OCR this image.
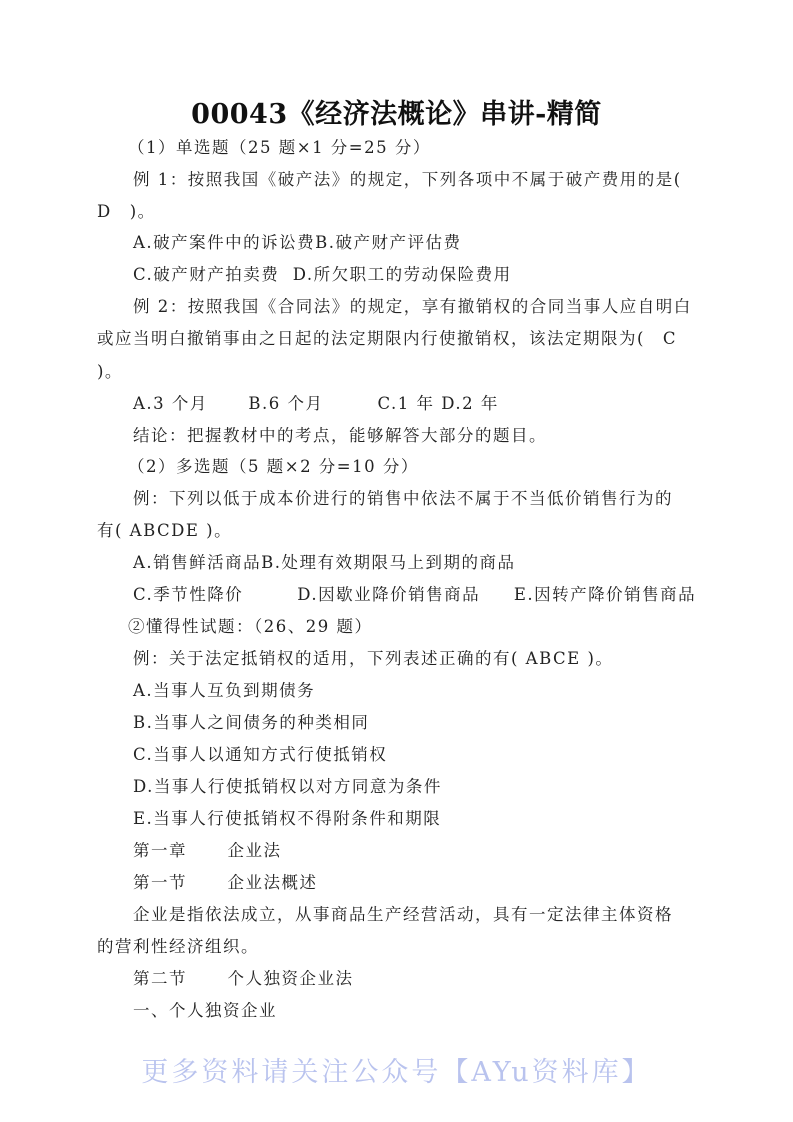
00043《经济法概论》串讲-精简
（1）单选题（25 题×1 分=25 分）
例 1：按照我国《破产法》的规定，下列各项中不属于破产费用的是(
D　)。
A.破产案件中的诉讼费B.破产财产评估费
C.破产财产拍卖费  D.所欠职工的劳动保险费用
例 2：按照我国《合同法》的规定，享有撤销权的合同当事人应自明白
或应当明白撤销事由之日起的法定期限内行使撤销权，该法定期限为(　C
)。
A.3 个月      B.6 个月        C.1 年 D.2 年
结论：把握教材中的考点，能够解答大部分的题目。
（2）多选题（5 题×2 分=10 分）
例：下列以低于成本价进行的销售中依法不属于不当低价销售行为的
有( ABCDE )。
A.销售鲜活商品B.处理有效期限马上到期的商品
C.季节性降价        D.因歇业降价销售商品     E.因转产降价销售商品
②懂得性试题：（26、29 题）
例：关于法定抵销权的适用，下列表述正确的有( ABCE )。
A.当事人互负到期债务
B.当事人之间债务的种类相同
C.当事人以通知方式行使抵销权
D.当事人行使抵销权以对方同意为条件
E.当事人行使抵销权不得附条件和期限
第一章      企业法
第一节      企业法概述
企业是指依法成立，从事商品生产经营活动，具有一定法律主体资格
的营利性经济组织。
第二节      个人独资企业法
一、个人独资企业
更多资料请关注公众号【AYu资料库】
